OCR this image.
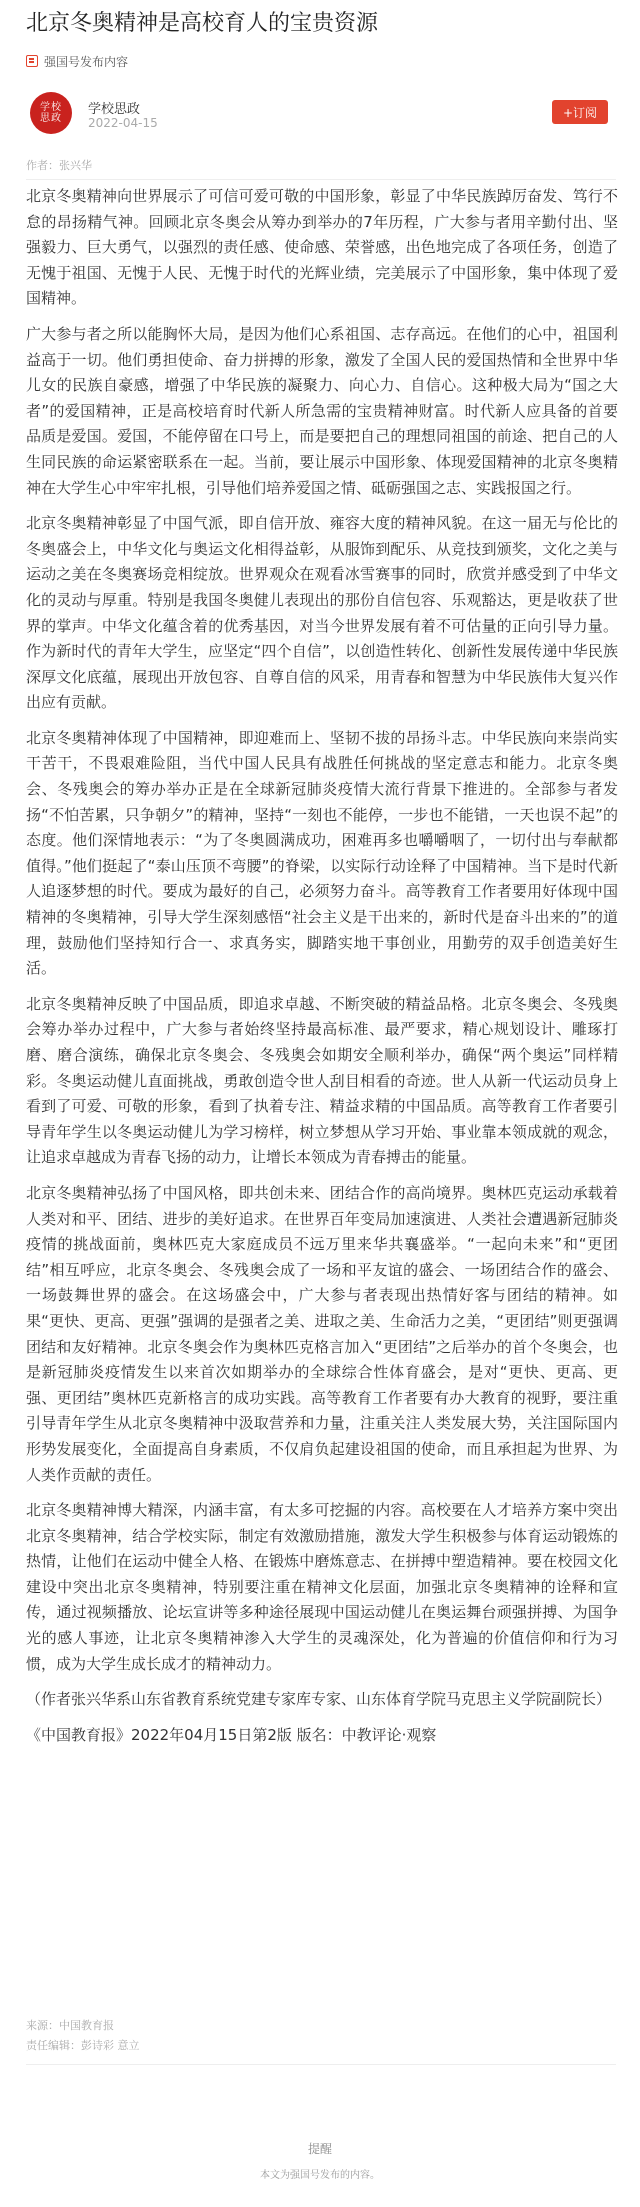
北京冬奥精神是高校育人的宝贵资源
强国号发布内容
学校
思政
学校思政
2022-04-15
+订阅
作者：张兴华

北京冬奥精神向世界展示了可信可爱可敬的中国形象，彰显了中华民族踔厉奋发、笃行不怠的昂扬精气神。回顾北京冬奥会从筹办到举办的7年历程，广大参与者用辛勤付出、坚强毅力、巨大勇气，以强烈的责任感、使命感、荣誉感，出色地完成了各项任务，创造了无愧于祖国、无愧于人民、无愧于时代的光辉业绩，完美展示了中国形象，集中体现了爱国精神。

广大参与者之所以能胸怀大局，是因为他们心系祖国、志存高远。在他们的心中，祖国利益高于一切。他们勇担使命、奋力拼搏的形象，激发了全国人民的爱国热情和全世界中华儿女的民族自豪感，增强了中华民族的凝聚力、向心力、自信心。这种极大局为“国之大者”的爱国精神，正是高校培育时代新人所急需的宝贵精神财富。时代新人应具备的首要品质是爱国。爱国，不能停留在口号上，而是要把自己的理想同祖国的前途、把自己的人生同民族的命运紧密联系在一起。当前，要让展示中国形象、体现爱国精神的北京冬奥精神在大学生心中牢牢扎根，引导他们培养爱国之情、砥砺强国之志、实践报国之行。

北京冬奥精神彰显了中国气派，即自信开放、雍容大度的精神风貌。在这一届无与伦比的冬奥盛会上，中华文化与奥运文化相得益彰，从服饰到配乐、从竞技到颁奖，文化之美与运动之美在冬奥赛场竞相绽放。世界观众在观看冰雪赛事的同时，欣赏并感受到了中华文化的灵动与厚重。特别是我国冬奥健儿表现出的那份自信包容、乐观豁达，更是收获了世界的掌声。中华文化蕴含着的优秀基因，对当今世界发展有着不可估量的正向引导力量。作为新时代的青年大学生，应坚定“四个自信”，以创造性转化、创新性发展传递中华民族深厚文化底蕴，展现出开放包容、自尊自信的风采，用青春和智慧为中华民族伟大复兴作出应有贡献。

北京冬奥精神体现了中国精神，即迎难而上、坚韧不拔的昂扬斗志。中华民族向来崇尚实干苦干，不畏艰难险阻，当代中国人民具有战胜任何挑战的坚定意志和能力。北京冬奥会、冬残奥会的筹办举办正是在全球新冠肺炎疫情大流行背景下推进的。全部参与者发扬“不怕苦累，只争朝夕”的精神，坚持“一刻也不能停，一步也不能错，一天也误不起”的态度。他们深情地表示：“为了冬奥圆满成功，困难再多也嚼嚼咽了，一切付出与奉献都值得。”他们挺起了“泰山压顶不弯腰”的脊梁，以实际行动诠释了中国精神。当下是时代新人追逐梦想的时代。要成为最好的自己，必须努力奋斗。高等教育工作者要用好体现中国精神的冬奥精神，引导大学生深刻感悟“社会主义是干出来的，新时代是奋斗出来的”的道理，鼓励他们坚持知行合一、求真务实，脚踏实地干事创业，用勤劳的双手创造美好生活。

北京冬奥精神反映了中国品质，即追求卓越、不断突破的精益品格。北京冬奥会、冬残奥会筹办举办过程中，广大参与者始终坚持最高标准、最严要求，精心规划设计、雕琢打磨、磨合演练，确保北京冬奥会、冬残奥会如期安全顺利举办，确保“两个奥运”同样精彩。冬奥运动健儿直面挑战，勇敢创造令世人刮目相看的奇迹。世人从新一代运动员身上看到了可爱、可敬的形象，看到了执着专注、精益求精的中国品质。高等教育工作者要引导青年学生以冬奥运动健儿为学习榜样，树立梦想从学习开始、事业靠本领成就的观念，让追求卓越成为青春飞扬的动力，让增长本领成为青春搏击的能量。

北京冬奥精神弘扬了中国风格，即共创未来、团结合作的高尚境界。奥林匹克运动承载着人类对和平、团结、进步的美好追求。在世界百年变局加速演进、人类社会遭遇新冠肺炎疫情的挑战面前，奥林匹克大家庭成员不远万里来华共襄盛举。“一起向未来”和“更团结”相互呼应，北京冬奥会、冬残奥会成了一场和平友谊的盛会、一场团结合作的盛会、一场鼓舞世界的盛会。在这场盛会中，广大参与者表现出热情好客与团结的精神。如果“更快、更高、更强”强调的是强者之美、进取之美、生命活力之美，“更团结”则更强调团结和友好精神。北京冬奥会作为奥林匹克格言加入“更团结”之后举办的首个冬奥会，也是新冠肺炎疫情发生以来首次如期举办的全球综合性体育盛会，是对“更快、更高、更强、更团结”奥林匹克新格言的成功实践。高等教育工作者要有办大教育的视野，要注重引导青年学生从北京冬奥精神中汲取营养和力量，注重关注人类发展大势，关注国际国内形势发展变化，全面提高自身素质，不仅肩负起建设祖国的使命，而且承担起为世界、为人类作贡献的责任。

北京冬奥精神博大精深，内涵丰富，有太多可挖掘的内容。高校要在人才培养方案中突出北京冬奥精神，结合学校实际，制定有效激励措施，激发大学生积极参与体育运动锻炼的热情，让他们在运动中健全人格、在锻炼中磨炼意志、在拼搏中塑造精神。要在校园文化建设中突出北京冬奥精神，特别要注重在精神文化层面，加强北京冬奥精神的诠释和宣传，通过视频播放、论坛宣讲等多种途径展现中国运动健儿在奥运舞台顽强拼搏、为国争光的感人事迹，让北京冬奥精神渗入大学生的灵魂深处，化为普遍的价值信仰和行为习惯，成为大学生成长成才的精神动力。

（作者张兴华系山东省教育系统党建专家库专家、山东体育学院马克思主义学院副院长）

《中国教育报》2022年04月15日第2版 版名：中教评论·观察

来源：中国教育报
责任编辑：彭诗彩 意立
提醒
本文为强国号发布的内容。
